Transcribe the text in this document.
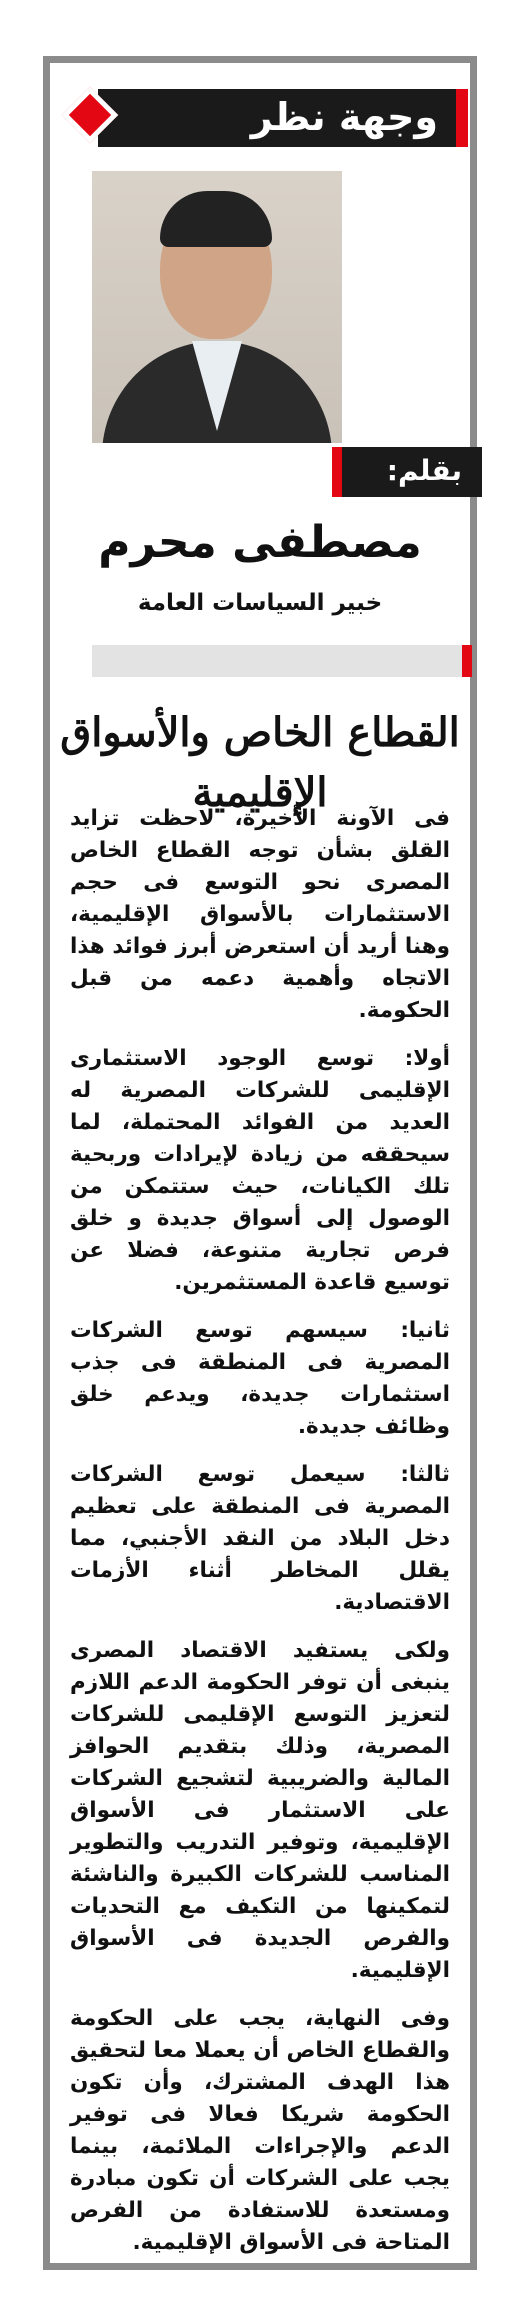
وجهة نظر
بقلم:
مصطفى محرم
خبير السياسات العامة
القطاع الخاص والأسواق الإقليمية

فى الآونة الأخيرة، لاحظت تزايد القلق بشأن توجه القطاع الخاص المصرى نحو التوسع فى حجم الاستثمارات بالأسواق الإقليمية، وهنا أريد أن استعرض أبرز فوائد هذا الاتجاه وأهمية دعمه من قبل الحكومة.

أولا: توسع الوجود الاستثمارى الإقليمى للشركات المصرية له العديد من الفوائد المحتملة، لما سيحققه من زيادة لإيرادات وربحية تلك الكيانات، حيث ستتمكن من الوصول إلى أسواق جديدة و خلق فرص تجارية متنوعة، فضلا عن توسيع قاعدة المستثمرين.

ثانيا: سيسهم توسع الشركات المصرية فى المنطقة فى جذب استثمارات جديدة، ويدعم خلق وظائف جديدة.

ثالثا: سيعمل توسع الشركات المصرية فى المنطقة على تعظيم دخل البلاد من النقد الأجنبي، مما يقلل المخاطر أثناء الأزمات الاقتصادية.

ولكى يستفيد الاقتصاد المصرى ينبغى أن توفر الحكومة الدعم اللازم لتعزيز التوسع الإقليمى للشركات المصرية، وذلك بتقديم الحوافز المالية والضريبية لتشجيع الشركات على الاستثمار فى الأسواق الإقليمية، وتوفير التدريب والتطوير المناسب للشركات الكبيرة والناشئة لتمكينها من التكيف مع التحديات والفرص الجديدة فى الأسواق الإقليمية.

وفى النهاية، يجب على الحكومة والقطاع الخاص أن يعملا معا لتحقيق هذا الهدف المشترك، وأن تكون الحكومة شريكا فعالا فى توفير الدعم والإجراءات الملائمة، بينما يجب على الشركات أن تكون مبادرة ومستعدة للاستفادة من الفرص المتاحة فى الأسواق الإقليمية.
